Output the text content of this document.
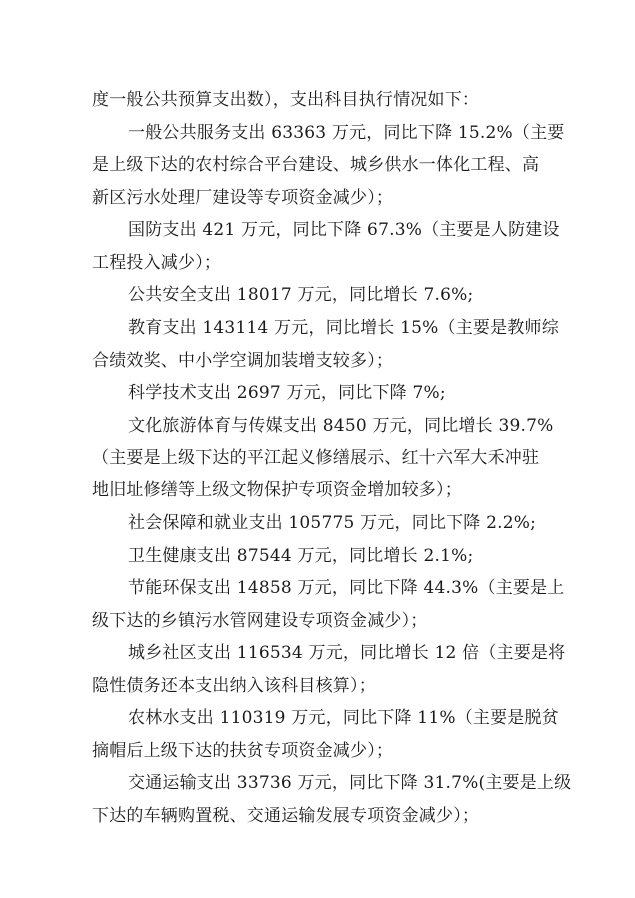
度一般公共预算支出数），支出科目执行情况如下：
一般公共服务支出 63363 万元，同比下降 15.2%（主要
是上级下达的农村综合平台建设、城乡供水一体化工程、高
新区污水处理厂建设等专项资金减少）；
国防支出 421 万元，同比下降 67.3%（主要是人防建设
工程投入减少）；
公共安全支出 18017 万元，同比增长 7.6%;
教育支出 143114 万元，同比增长 15%（主要是教师综
合绩效奖、中小学空调加装增支较多）；
科学技术支出 2697 万元，同比下降 7%;
文化旅游体育与传媒支出 8450 万元，同比增长 39.7%
（主要是上级下达的平江起义修缮展示、红十六军大禾冲驻
地旧址修缮等上级文物保护专项资金增加较多）；
社会保障和就业支出 105775 万元，同比下降 2.2%;
卫生健康支出 87544 万元，同比增长 2.1%;
节能环保支出 14858 万元，同比下降 44.3%（主要是上
级下达的乡镇污水管网建设专项资金减少）；
城乡社区支出 116534 万元，同比增长 12 倍（主要是将
隐性债务还本支出纳入该科目核算）；
农林水支出 110319 万元，同比下降 11%（主要是脱贫
摘帽后上级下达的扶贫专项资金减少）；
交通运输支出 33736 万元，同比下降 31.7%(主要是上级
下达的车辆购置税、交通运输发展专项资金减少）；
